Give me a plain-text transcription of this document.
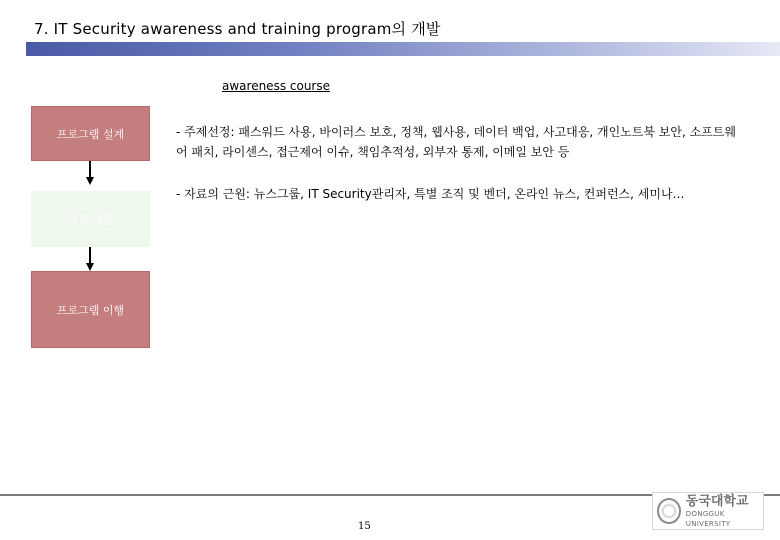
7. IT Security awareness and training program의 개발
awareness course
프로그램 설계
자료 개발
프로그램 이행
- 주제선정: 패스워드 사용, 바이러스 보호, 정책, 웹사용, 데이터 백업, 사고대응, 개인노트북 보안, 소프트웨어 패치, 라이센스, 접근제어 이슈, 책임추적성, 외부자 통제, 이메일 보안 등
- 자료의 근원: 뉴스그룹, IT Security관리자, 특별 조직 및 벤더, 온라인 뉴스, 컨퍼런스, 세미나…
15
동국대학교
DONGGUK UNIVERSITY
